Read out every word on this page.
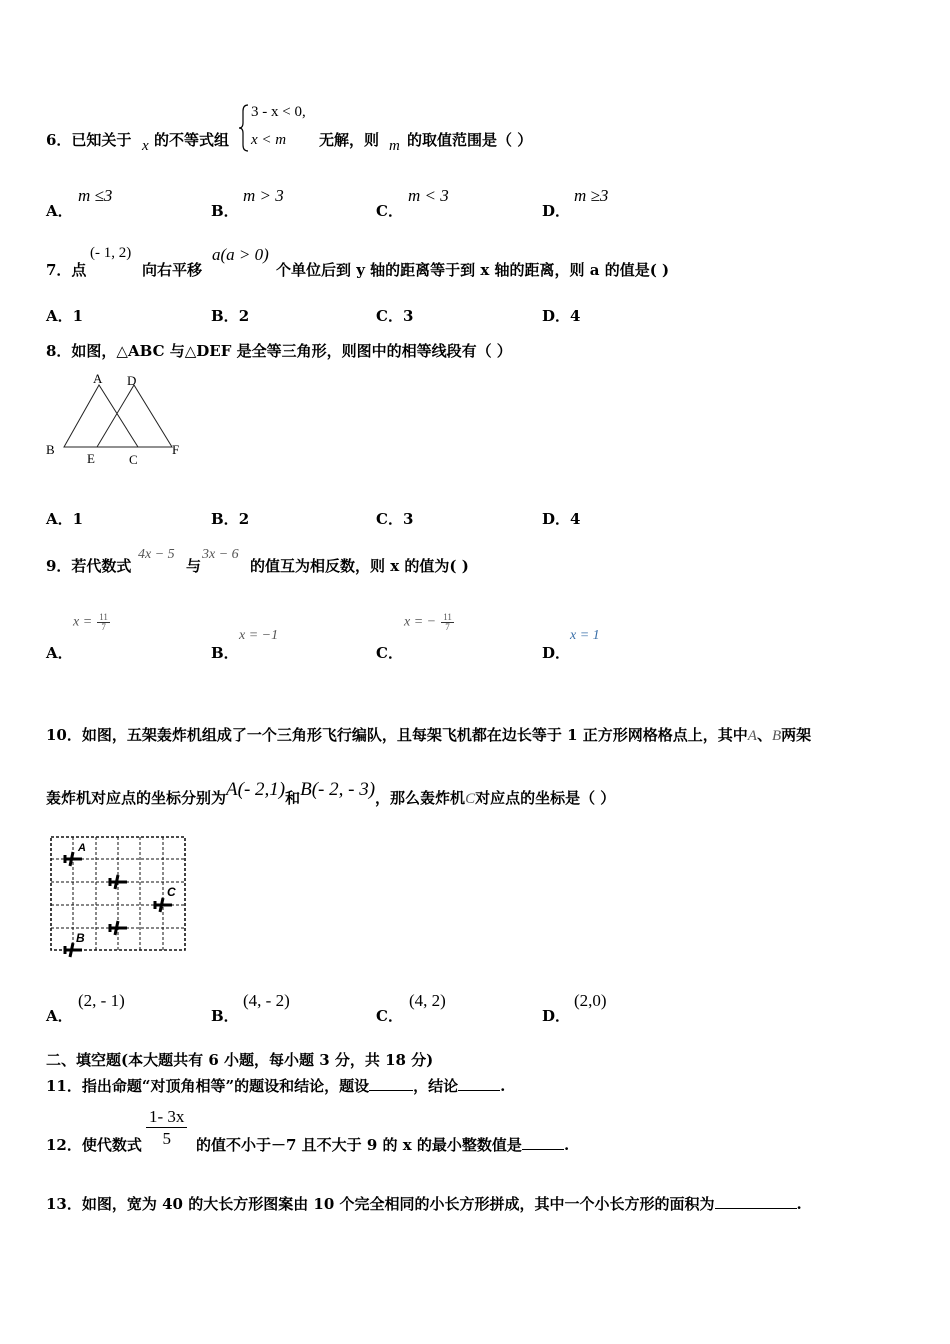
6．已知关于 x 的不等式组
3 - x < 0,
x < m 无解，则 m 的取值范围是（ ）
A．
m ≤3
B．
m > 3
C．
m < 3
D．
m ≥3
7．点
(- 1, 2)
向右平移
a(a > 0)
个单位后到 y 轴的距离等于到 x 轴的距离，则 a 的值是( )
A．1	B．2	C．3	D．4
8．如图，△ABC 与△DEF 是全等三角形，则图中的相等线段有（ ）
A D
B
E	C
F
A．1	B．2	C．3	D．4
9．若代数式
4x − 5
与
3x − 6
的值互为相反数，则 x 的值为( )
A．
$x = \frac{11}{7}$
B．
x = −1
C．
x = − $\frac{11}{7}$
D．
x = 1
10．如图，五架轰炸机组成了一个三角形飞行编队，且每架飞机都在边长等于 1 正方形网格格点上，其中A、B两架
轰炸机对应点的坐标分别为A(- 2,1)和B(- 2, - 3)，那么轰炸机C对应点的坐标是（ ）
A
C
B
A．
(2, - 1)
B．
(4, - 2)
C．
(4, 2)
D．
(2,0)
二、填空题(本大题共有 6 小题，每小题 3 分，共 18 分)
11．指出命题“对顶角相等”的题设和结论，题设	，结论	.
12．使代数式 $\frac{1- 3x}{5}$ 的值不小于－7 且不大于 9 的 x 的最小整数值是	.
13．如图，宽为 40 的大长方形图案由 10 个完全相同的小长方形拼成，其中一个小长方形的面积为	.
